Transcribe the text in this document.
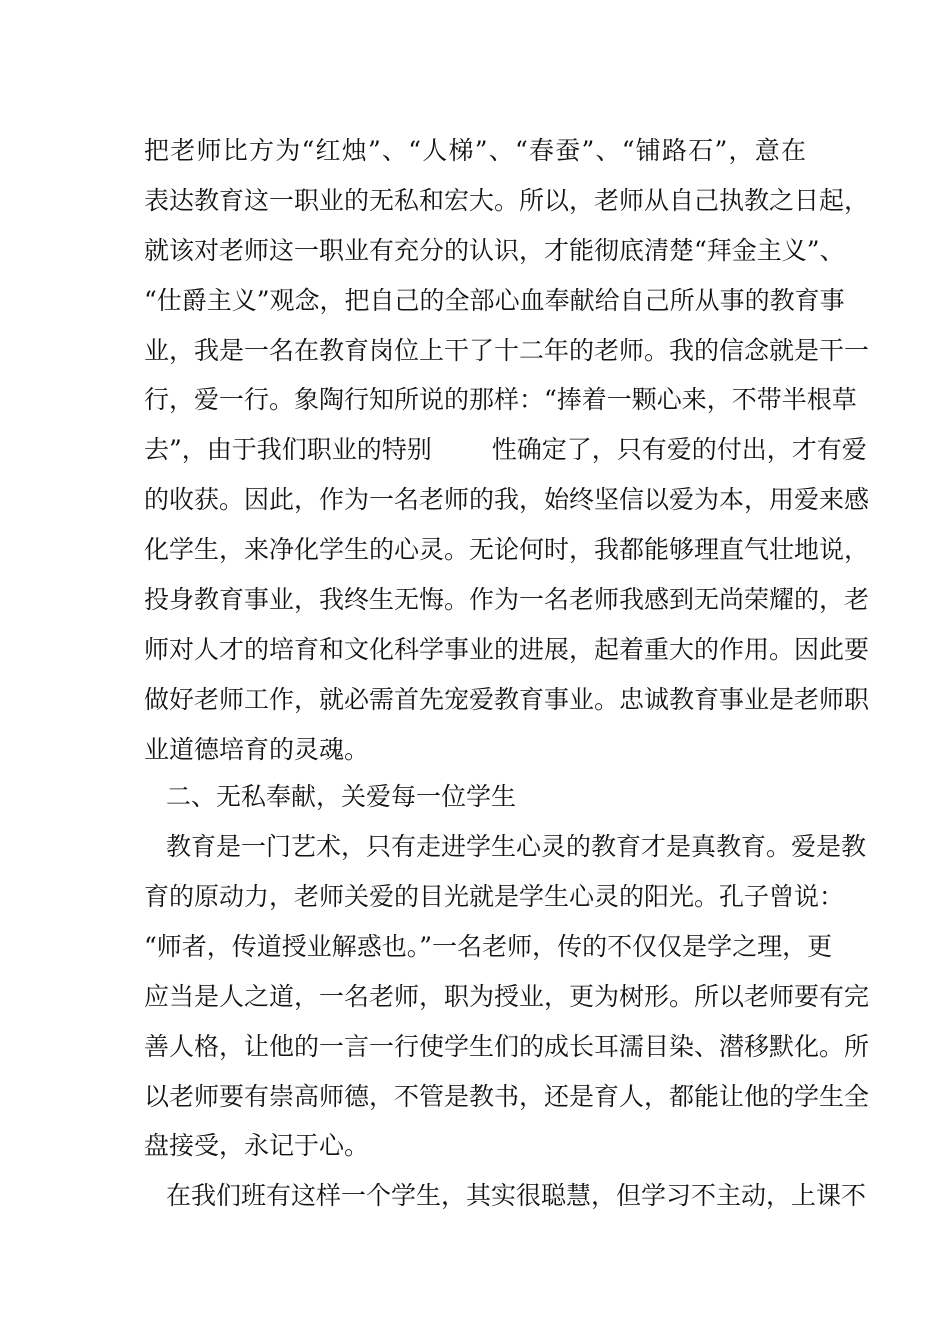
把老师比方为“红烛”、“人梯”、“春蚕”、“铺路石”，意在
表达教育这一职业的无私和宏大。所以，老师从自己执教之日起，
就该对老师这一职业有充分的认识，才能彻底清楚“拜金主义”、
“仕爵主义”观念，把自己的全部心血奉献给自己所从事的教育事
业，我是一名在教育岗位上干了十二年的老师。我的信念就是干一
行，爱一行。象陶行知所说的那样：“捧着一颗心来，不带半根草
去”，由于我们职业的特别 性确定了，只有爱的付出，才有爱
的收获。因此，作为一名老师的我，始终坚信以爱为本，用爱来感
化学生，来净化学生的心灵。无论何时，我都能够理直气壮地说，
投身教育事业，我终生无悔。作为一名老师我感到无尚荣耀的，老
师对人才的培育和文化科学事业的进展，起着重大的作用。因此要
做好老师工作，就必需首先宠爱教育事业。忠诚教育事业是老师职
业道德培育的灵魂。
二、无私奉献，关爱每一位学生
教育是一门艺术，只有走进学生心灵的教育才是真教育。爱是教
育的原动力，老师关爱的目光就是学生心灵的阳光。孔子曾说：
“师者，传道授业解惑也。”一名老师，传的不仅仅是学之理，更
应当是人之道，一名老师，职为授业，更为树形。所以老师要有完
善人格，让他的一言一行使学生们的成长耳濡目染、潜移默化。所
以老师要有崇高师德，不管是教书，还是育人，都能让他的学生全
盘接受，永记于心。
在我们班有这样一个学生，其实很聪慧，但学习不主动，上课不
